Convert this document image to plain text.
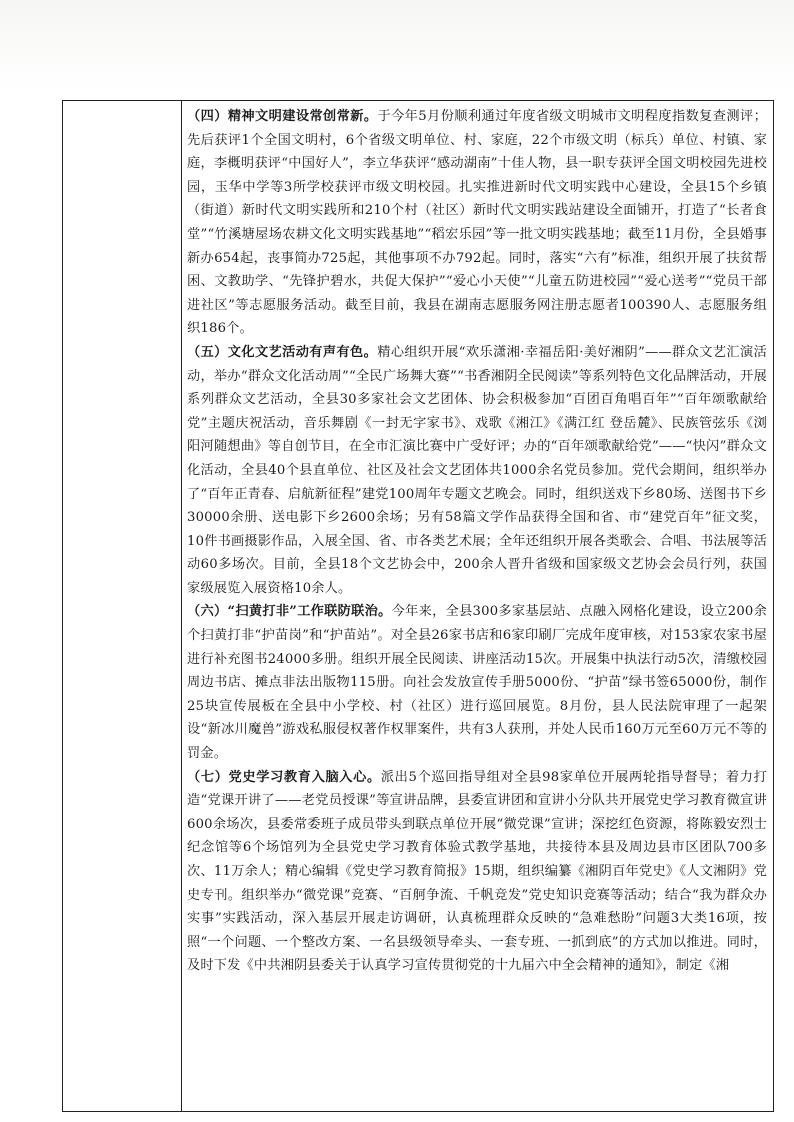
（四）精神文明建设常创常新。于今年5月份顺利通过年度省级文明城市文明程度指数复查测评；先后获评1个全国文明村，6个省级文明单位、村、家庭，22个市级文明（标兵）单位、村镇、家庭，李概明获评“中国好人”，李立华获评“感动湖南”十佳人物，县一职专获评全国文明校园先进校园，玉华中学等3所学校获评市级文明校园。扎实推进新时代文明实践中心建设，全县15个乡镇（街道）新时代文明实践所和210个村（社区）新时代文明实践站建设全面铺开，打造了“长者食堂”“竹溪塘屋场农耕文化文明实践基地”“稻宏乐园”等一批文明实践基地；截至11月份，全县婚事新办654起，丧事简办725起，其他事项不办792起。同时，落实“六有”标准，组织开展了扶贫帮困、文教助学、“先锋护碧水，共促大保护”“爱心小天使”“儿童五防进校园”“爱心送考”“党员干部进社区”等志愿服务活动。截至目前，我县在湖南志愿服务网注册志愿者100390人、志愿服务组织186个。

（五）文化文艺活动有声有色。精心组织开展“欢乐潇湘·幸福岳阳·美好湘阴”——群众文艺汇演活动，举办“群众文化活动周”“全民广场舞大赛”“书香湘阴全民阅读”等系列特色文化品牌活动，开展系列群众文艺活动，全县30多家社会文艺团体、协会积极参加“百团百角唱百年”“百年颂歌献给党”主题庆祝活动，音乐舞剧《一封无字家书》、戏歌《湘江》《满江红 登岳麓》、民族管弦乐《浏阳河随想曲》等自创节目，在全市汇演比赛中广受好评；办的“百年颂歌献给党”——“快闪”群众文化活动，全县40个县直单位、社区及社会文艺团体共1000余名党员参加。党代会期间，组织举办了“百年正青春、启航新征程”建党100周年专题文艺晚会。同时，组织送戏下乡80场、送图书下乡30000余册、送电影下乡2600余场；另有58篇文学作品获得全国和省、市“建党百年”征文奖，10件书画摄影作品，入展全国、省、市各类艺术展；全年还组织开展各类歌会、合唱、书法展等活动60多场次。目前，全县18个文艺协会中，200余人晋升省级和国家级文艺协会会员行列，获国家级展览入展资格10余人。

（六）“扫黄打非”工作联防联治。今年来，全县300多家基层站、点融入网格化建设，设立200余个扫黄打非“护苗岗”和“护苗站”。对全县26家书店和6家印刷厂完成年度审核，对153家农家书屋进行补充图书24000多册。组织开展全民阅读、讲座活动15次。开展集中执法行动5次，清缴校园周边书店、摊点非法出版物115册。向社会发放宣传手册5000份、“护苗”绿书签65000份，制作25块宣传展板在全县中小学校、村（社区）进行巡回展览。8月份，县人民法院审理了一起架设“新冰川魔兽”游戏私服侵权著作权罪案件，共有3人获刑，并处人民币160万元至60万元不等的罚金。

（七）党史学习教育入脑入心。派出5个巡回指导组对全县98家单位开展两轮指导督导；着力打造“党课开讲了——老党员授课”等宣讲品牌，县委宣讲团和宣讲小分队共开展党史学习教育微宣讲600余场次，县委常委班子成员带头到联点单位开展“微党课”宣讲；深挖红色资源，将陈毅安烈士纪念馆等6个场馆列为全县党史学习教育体验式教学基地，共接待本县及周边县市区团队700多次、11万余人；精心编辑《党史学习教育简报》15期，组织编纂《湘阴百年党史》《人文湘阴》党史专刊。组织举办“微党课”竞赛、“百舸争流、千帆竞发”党史知识竞赛等活动；结合“我为群众办实事”实践活动，深入基层开展走访调研，认真梳理群众反映的“急难愁盼”问题3大类16项，按照“一个问题、一个整改方案、一名县级领导牵头、一套专班、一抓到底”的方式加以推进。同时，及时下发《中共湘阴县委关于认真学习宣传贯彻党的十九届六中全会精神的通知》，制定《湘
